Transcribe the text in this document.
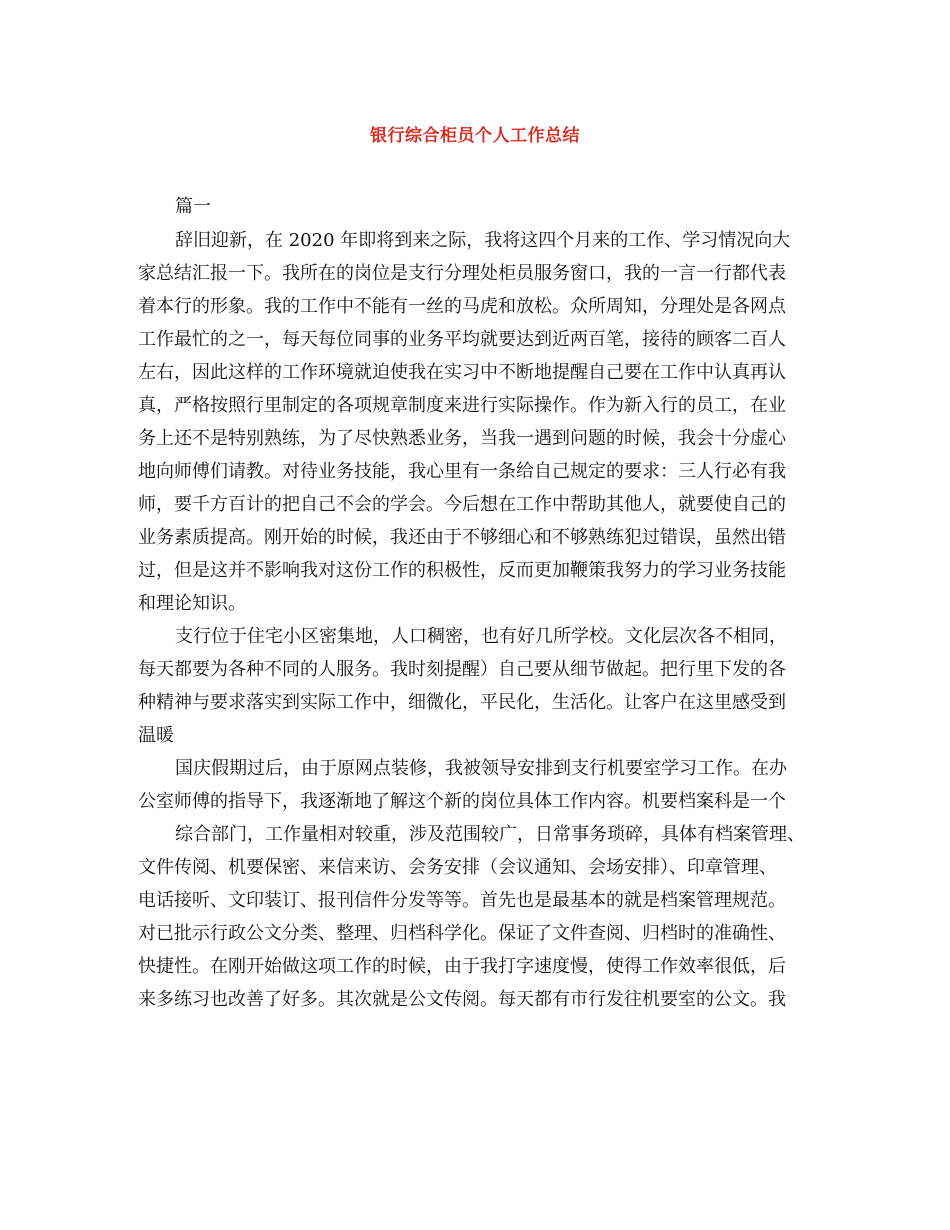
银行综合柜员个人工作总结
篇一
辞旧迎新，在 2020 年即将到来之际，我将这四个月来的工作、学习情况向大
家总结汇报一下。我所在的岗位是支行分理处柜员服务窗口，我的一言一行都代表
着本行的形象。我的工作中不能有一丝的马虎和放松。众所周知，分理处是各网点
工作最忙的之一，每天每位同事的业务平均就要达到近两百笔，接待的顾客二百人
左右，因此这样的工作环境就迫使我在实习中不断地提醒自己要在工作中认真再认
真，严格按照行里制定的各项规章制度来进行实际操作。作为新入行的员工，在业
务上还不是特别熟练，为了尽快熟悉业务，当我一遇到问题的时候，我会十分虚心
地向师傅们请教。对待业务技能，我心里有一条给自己规定的要求：三人行必有我
师，要千方百计的把自己不会的学会。今后想在工作中帮助其他人，就要使自己的
业务素质提高。刚开始的时候，我还由于不够细心和不够熟练犯过错误，虽然出错
过，但是这并不影响我对这份工作的积极性，反而更加鞭策我努力的学习业务技能
和理论知识。
支行位于住宅小区密集地，人口稠密，也有好几所学校。文化层次各不相同，
每天都要为各种不同的人服务。我时刻提醒）自己要从细节做起。把行里下发的各
种精神与要求落实到实际工作中，细微化，平民化，生活化。让客户在这里感受到
温暖
国庆假期过后，由于原网点装修，我被领导安排到支行机要室学习工作。在办
公室师傅的指导下，我逐渐地了解这个新的岗位具体工作内容。机要档案科是一个
综合部门，工作量相对较重，涉及范围较广，日常事务琐碎，具体有档案管理、
文件传阅、机要保密、来信来访、会务安排（会议通知、会场安排）、印章管理、
电话接听、文印装订、报刊信件分发等等。首先也是最基本的就是档案管理规范。
对已批示行政公文分类、整理、归档科学化。保证了文件查阅、归档时的准确性、
快捷性。在刚开始做这项工作的时候，由于我打字速度慢，使得工作效率很低，后
来多练习也改善了好多。其次就是公文传阅。每天都有市行发往机要室的公文。我
